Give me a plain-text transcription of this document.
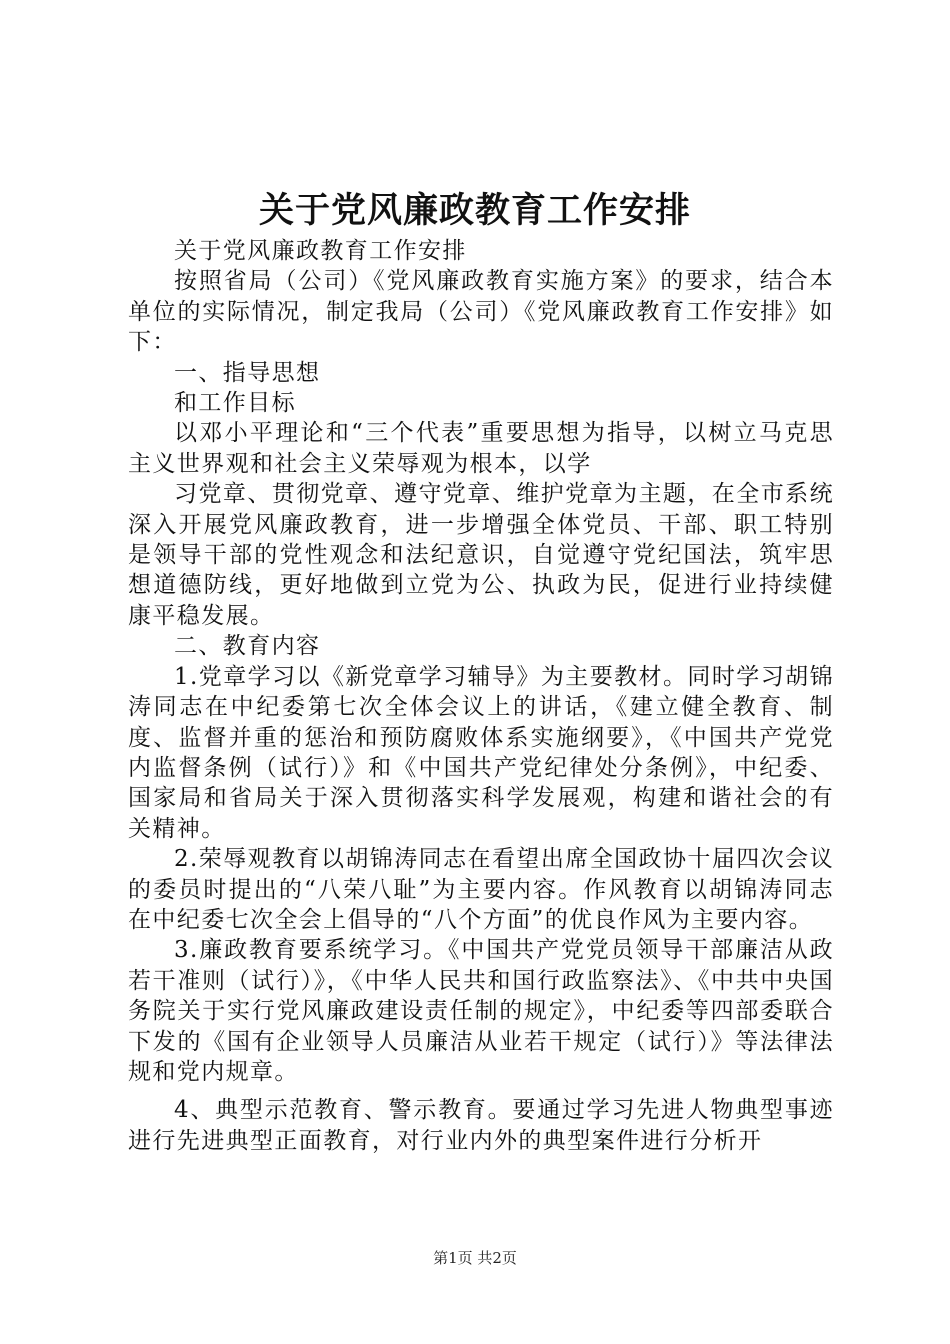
关于党风廉政教育工作安排

关于党风廉政教育工作安排

按照省局（公司）《党风廉政教育实施方案》的要求，结合本单位的实际情况，制定我局（公司）《党风廉政教育工作安排》如下：

一、指导思想

和工作目标

以邓小平理论和“三个代表”重要思想为指导，以树立马克思主义世界观和社会主义荣辱观为根本，以学

习党章、贯彻党章、遵守党章、维护党章为主题，在全市系统深入开展党风廉政教育，进一步增强全体党员、干部、职工特别是领导干部的党性观念和法纪意识，自觉遵守党纪国法，筑牢思想道德防线，更好地做到立党为公、执政为民，促进行业持续健康平稳发展。

二、教育内容

1.党章学习以《新党章学习辅导》为主要教材。同时学习胡锦涛同志在中纪委第七次全体会议上的讲话，《建立健全教育、制度、监督并重的惩治和预防腐败体系实施纲要》，《中国共产党党内监督条例（试行）》和《中国共产党纪律处分条例》，中纪委、国家局和省局关于深入贯彻落实科学发展观，构建和谐社会的有关精神。

2.荣辱观教育以胡锦涛同志在看望出席全国政协十届四次会议的委员时提出的“八荣八耻”为主要内容。作风教育以胡锦涛同志在中纪委七次全会上倡导的“八个方面”的优良作风为主要内容。

3.廉政教育要系统学习。《中国共产党党员领导干部廉洁从政若干准则（试行）》，《中华人民共和国行政监察法》、《中共中央国务院关于实行党风廉政建设责任制的规定》，中纪委等四部委联合下发的《国有企业领导人员廉洁从业若干规定（试行）》等法律法规和党内规章。

4、典型示范教育、警示教育。要通过学习先进人物典型事迹进行先进典型正面教育，对行业内外的典型案件进行分析开

第1页 共2页
